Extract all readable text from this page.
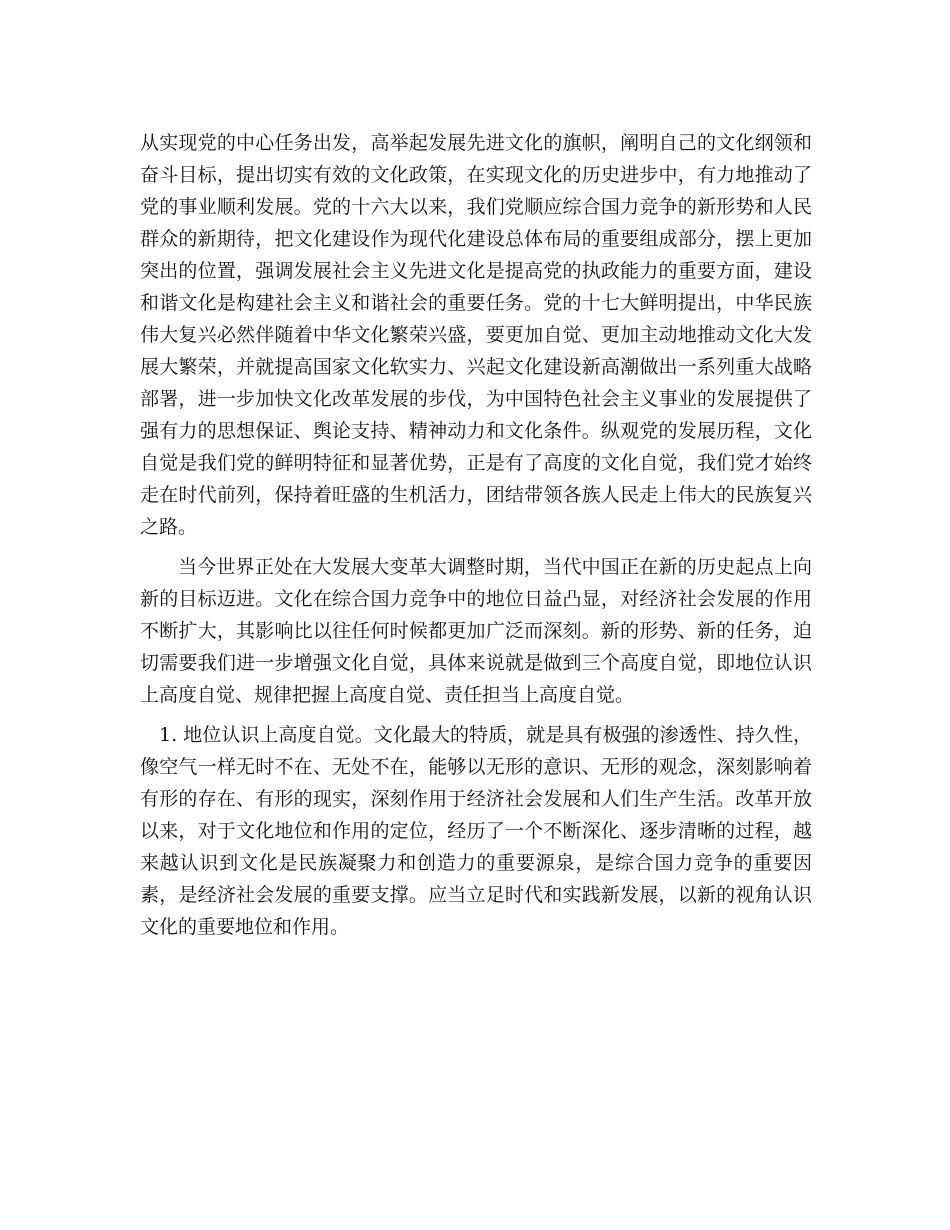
从实现党的中心任务出发，高举起发展先进文化的旗帜，阐明自己的文化纲领和奋斗目标，提出切实有效的文化政策，在实现文化的历史进步中，有力地推动了党的事业顺利发展。党的十六大以来，我们党顺应综合国力竞争的新形势和人民群众的新期待，把文化建设作为现代化建设总体布局的重要组成部分，摆上更加突出的位置，强调发展社会主义先进文化是提高党的执政能力的重要方面，建设和谐文化是构建社会主义和谐社会的重要任务。党的十七大鲜明提出，中华民族伟大复兴必然伴随着中华文化繁荣兴盛，要更加自觉、更加主动地推动文化大发展大繁荣，并就提高国家文化软实力、兴起文化建设新高潮做出一系列重大战略部署，进一步加快文化改革发展的步伐，为中国特色社会主义事业的发展提供了强有力的思想保证、舆论支持、精神动力和文化条件。纵观党的发展历程，文化自觉是我们党的鲜明特征和显著优势，正是有了高度的文化自觉，我们党才始终走在时代前列，保持着旺盛的生机活力，团结带领各族人民走上伟大的民族复兴之路。

当今世界正处在大发展大变革大调整时期，当代中国正在新的历史起点上向新的目标迈进。文化在综合国力竞争中的地位日益凸显，对经济社会发展的作用不断扩大，其影响比以往任何时候都更加广泛而深刻。新的形势、新的任务，迫切需要我们进一步增强文化自觉，具体来说就是做到三个高度自觉，即地位认识上高度自觉、规律把握上高度自觉、责任担当上高度自觉。

1. 地位认识上高度自觉。文化最大的特质，就是具有极强的渗透性、持久性，像空气一样无时不在、无处不在，能够以无形的意识、无形的观念，深刻影响着有形的存在、有形的现实，深刻作用于经济社会发展和人们生产生活。改革开放以来，对于文化地位和作用的定位，经历了一个不断深化、逐步清晰的过程，越来越认识到文化是民族凝聚力和创造力的重要源泉，是综合国力竞争的重要因素，是经济社会发展的重要支撑。应当立足时代和实践新发展，以新的视角认识文化的重要地位和作用。
